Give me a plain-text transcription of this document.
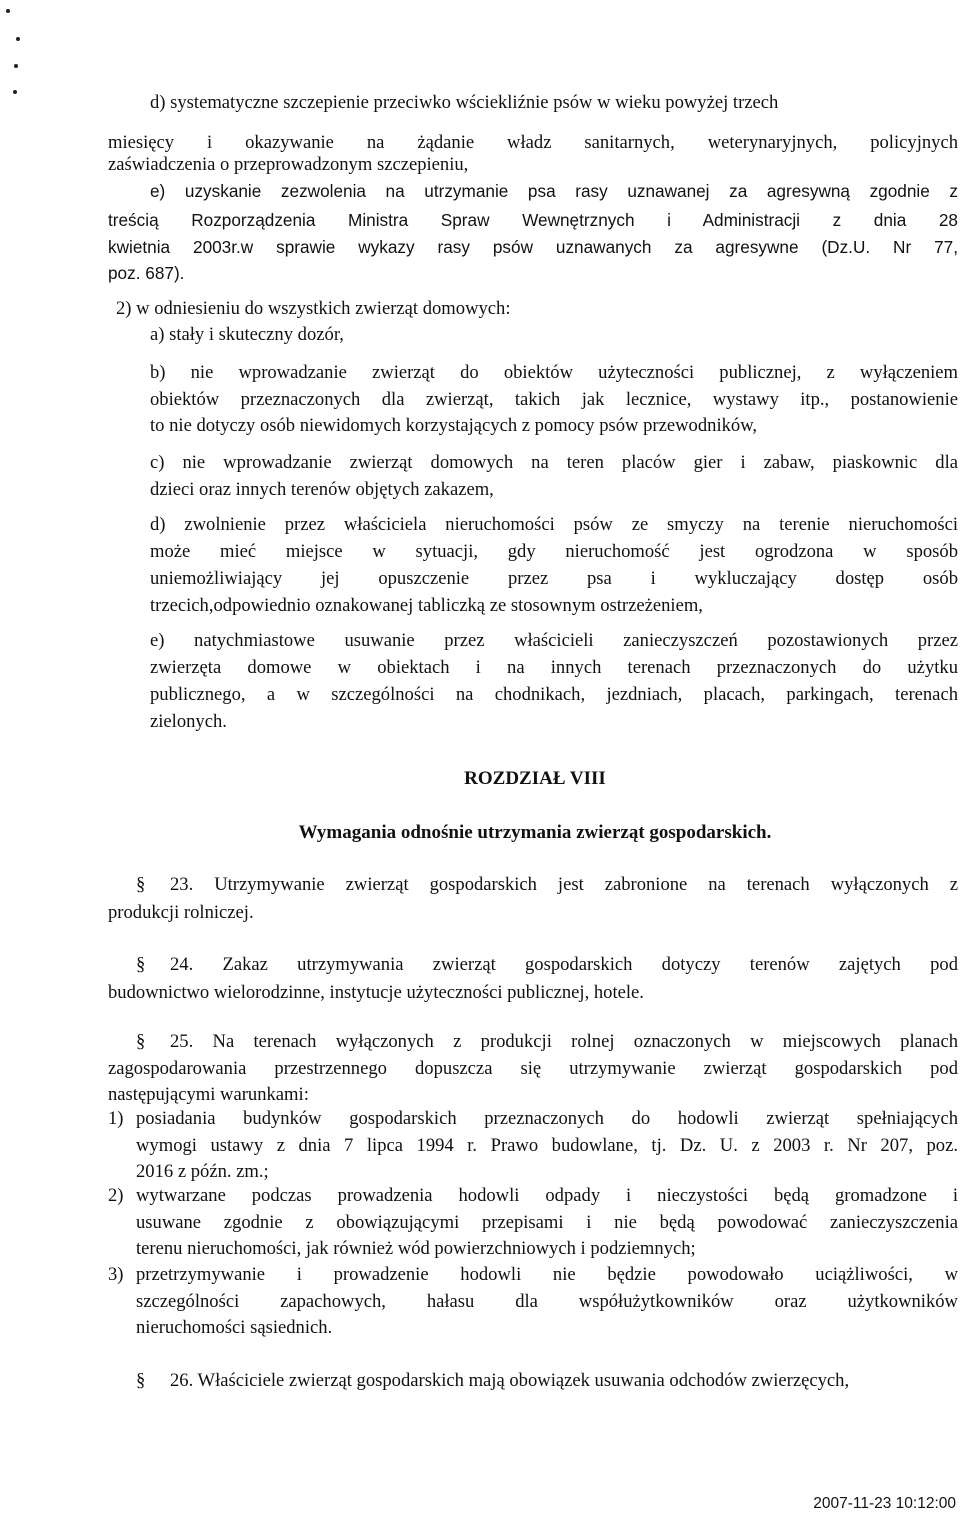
d) systematyczne szczepienie przeciwko wściekliźnie psów w wieku powyżej trzech
miesięcy i okazywanie na żądanie władz sanitarnych, weterynaryjnych, policyjnych
zaświadczenia o przeprowadzonym szczepieniu,
e) uzyskanie zezwolenia na utrzymanie psa rasy uznawanej za agresywną zgodnie z
treścią Rozporządzenia Ministra Spraw Wewnętrznych i Administracji z dnia 28
kwietnia 2003r.w sprawie wykazy rasy psów uznawanych za agresywne (Dz.U. Nr 77,
poz. 687).
2) w odniesieniu do wszystkich zwierząt domowych:
a) stały i skuteczny dozór,
b) nie wprowadzanie zwierząt do obiektów użyteczności publicznej, z wyłączeniem
obiektów przeznaczonych dla zwierząt, takich jak lecznice, wystawy itp., postanowienie
to nie dotyczy osób niewidomych korzystających z pomocy psów przewodników,
c) nie wprowadzanie zwierząt domowych na teren placów gier i zabaw, piaskownic dla
dzieci oraz innych terenów objętych zakazem,
d) zwolnienie przez właściciela nieruchomości psów ze smyczy na terenie nieruchomości
może mieć miejsce w sytuacji, gdy nieruchomość jest ogrodzona w sposób
uniemożliwiający jej opuszczenie przez psa i wykluczający dostęp osób
trzecich,odpowiednio oznakowanej tabliczką ze stosownym ostrzeżeniem,
e) natychmiastowe usuwanie przez właścicieli zanieczyszczeń pozostawionych przez
zwierzęta domowe w obiektach i na innych terenach przeznaczonych do użytku
publicznego, a w szczególności na chodnikach, jezdniach, placach, parkingach, terenach
zielonych.
ROZDZIAŁ VIII
Wymagania odnośnie utrzymania zwierząt gospodarskich.
§ 23. Utrzymywanie zwierząt gospodarskich jest zabronione na terenach wyłączonych z
produkcji rolniczej.
§ 24. Zakaz utrzymywania zwierząt gospodarskich dotyczy terenów zajętych pod
budownictwo wielorodzinne, instytucje użyteczności publicznej, hotele.
§ 25. Na terenach wyłączonych z produkcji rolnej oznaczonych w miejscowych planach
zagospodarowania przestrzennego dopuszcza się utrzymywanie zwierząt gospodarskich pod
następującymi warunkami:
1) posiadania budynków gospodarskich przeznaczonych do hodowli zwierząt spełniających
wymogi ustawy z dnia 7 lipca 1994 r. Prawo budowlane, tj. Dz. U. z 2003 r. Nr 207, poz.
2016 z późn. zm.;
2) wytwarzane podczas prowadzenia hodowli odpady i nieczystości będą gromadzone i
usuwane zgodnie z obowiązującymi przepisami i nie będą powodować zanieczyszczenia
terenu nieruchomości, jak również wód powierzchniowych i podziemnych;
3) przetrzymywanie i prowadzenie hodowli nie będzie powodowało uciążliwości, w
szczególności zapachowych, hałasu dla współużytkowników oraz użytkowników
nieruchomości sąsiednich.
§ 26. Właściciele zwierząt gospodarskich mają obowiązek usuwania odchodów zwierzęcych,
2007-11-23 10:12:00
